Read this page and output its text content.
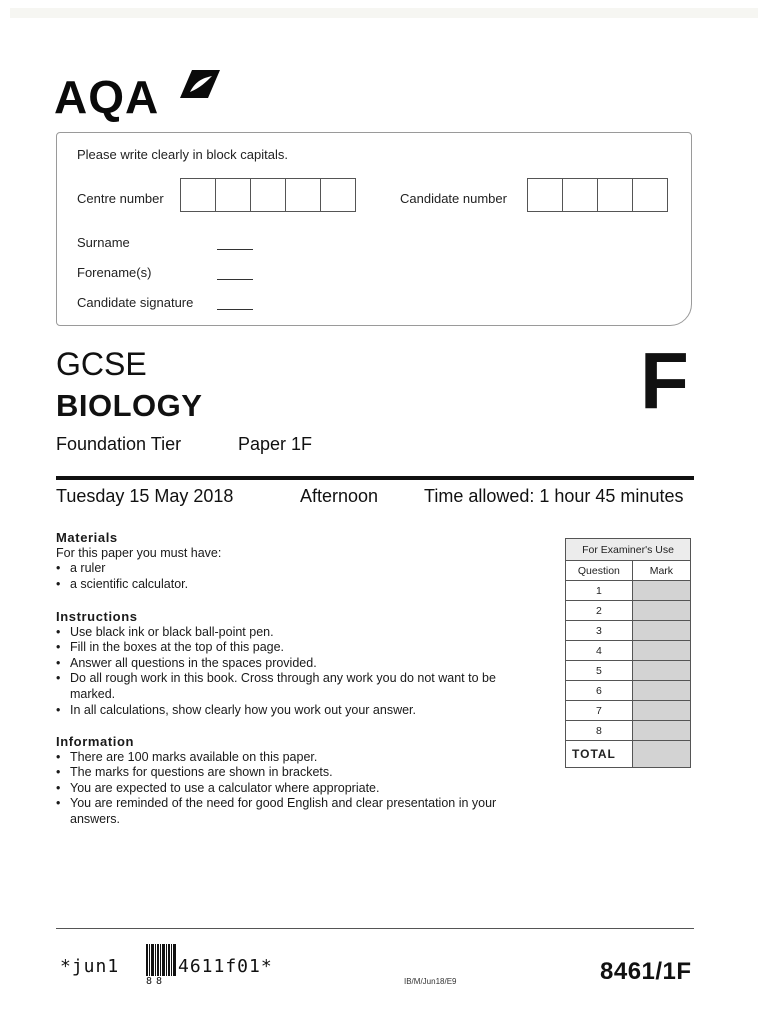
AQA
Please write clearly in block capitals.
Centre number	Candidate number
Surname
Forename(s)
Candidate signature
GCSE
BIOLOGY
Foundation Tier	Paper 1F
F
Tuesday 15 May 2018	Afternoon	Time allowed: 1 hour 45 minutes
Materials
For this paper you must have:
• a ruler
• a scientific calculator.
Instructions
• Use black ink or black ball-point pen.
• Fill in the boxes at the top of this page.
• Answer all questions in the spaces provided.
• Do all rough work in this book. Cross through any work you do not want to be marked.
• In all calculations, show clearly how you work out your answer.
Information
• There are 100 marks available on this paper.
• The marks for questions are shown in brackets.
• You are expected to use a calculator where appropriate.
• You are reminded of the need for good English and clear presentation in your answers.
For Examiner's Use	
Question	Mark
1	
2	
3	
4	
5	
6	
7	
8	
TOTAL	
*jun1
88
4611f01*
IB/M/Jun18/E9	8461/1F
